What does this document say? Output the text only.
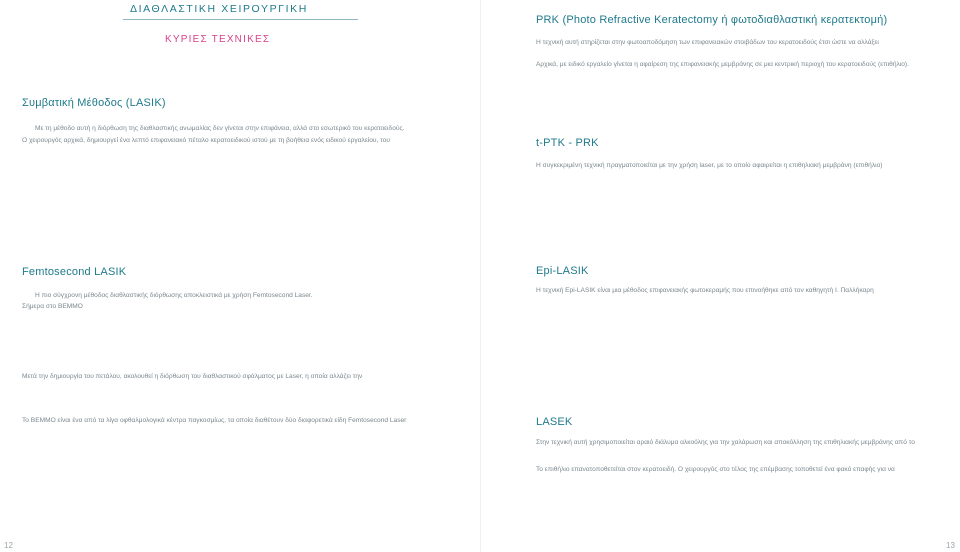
ΔΙΑΘΛΑΣΤΙΚΗ ΧΕΙΡΟΥΡΓΙΚΗ
ΚΥΡΙΕΣ ΤΕΧΝΙΚΕΣ
Συμβατική Μέθοδος (LASIK)

Με τη μέθοδο αυτή η διόρθωση της διαθλαστικής ανωμαλίας δεν γίνεται στην επιφάνεια, αλλά στο εσωτερικό του κερατοειδούς.

Ο χειρουργός αρχικά, δημιουργεί ένα λεπτό επιφανειακό πέταλο κερατοειδικού ιστού με τη βοήθεια ενός ειδικού εργαλείου, του

Femtosecond LASIK

Η πιο σύγχρονη μέθοδος διαθλαστικής διόρθωσης αποκλειστικά με χρήση Femtosecond Laser.

Σήμερα στο ΒΕΜΜΟ

Μετά την δημιουργία του πετάλου, ακολουθεί η διόρθωση του διαθλαστικού σφάλματος με Laser, η οποία αλλάζει την

Το ΒΕΜΜΟ είναι ένα από τα λίγα οφθαλμολογικά κέντρα παγκοσμίως, τα οποία διαθέτουν δύο διαφορετικά είδη Femtosecond Laser

12
PRK (Photo Refractive Keratectomy ή φωτοδιαθλαστική κερατεκτομή)

Η τεχνική αυτή στηρίζεται στην φωτοαποδόμηση των επιφανειακών στοιβάδων του κερατοειδούς έτσι ώστε να αλλάξει

Αρχικά, με ειδικό εργαλείο γίνεται η αφαίρεση της επιφανειακής μεμβράνης σε μια κεντρική περιοχή του κερατοειδούς (επιθήλιο).

t-PTK - PRK

Η συγκεκριμένη τεχνική πραγματοποιείται με την χρήση laser, με το οποίο αφαιρείται η επιθηλιακή μεμβράνη (επιθήλιο)

Epi-LASIK

Η τεχνική Epi-LASIK είναι μια μέθοδος επιφανειακής φωτοκεραμής που επινοήθηκε από τον καθηγητή Ι. Παλλήκαρη

LASEK

Στην τεχνική αυτή χρησιμοποιείται αραιό διάλυμα αλκοόλης για την χαλάρωση και αποκόλληση της επιθηλιακής μεμβράνης από το

Το επιθήλιο επανατοποθετείται στον κερατοειδή. Ο χειρουργός στο τέλος της επέμβασης τοποθετεί ένα φακό επαφής για να

13
